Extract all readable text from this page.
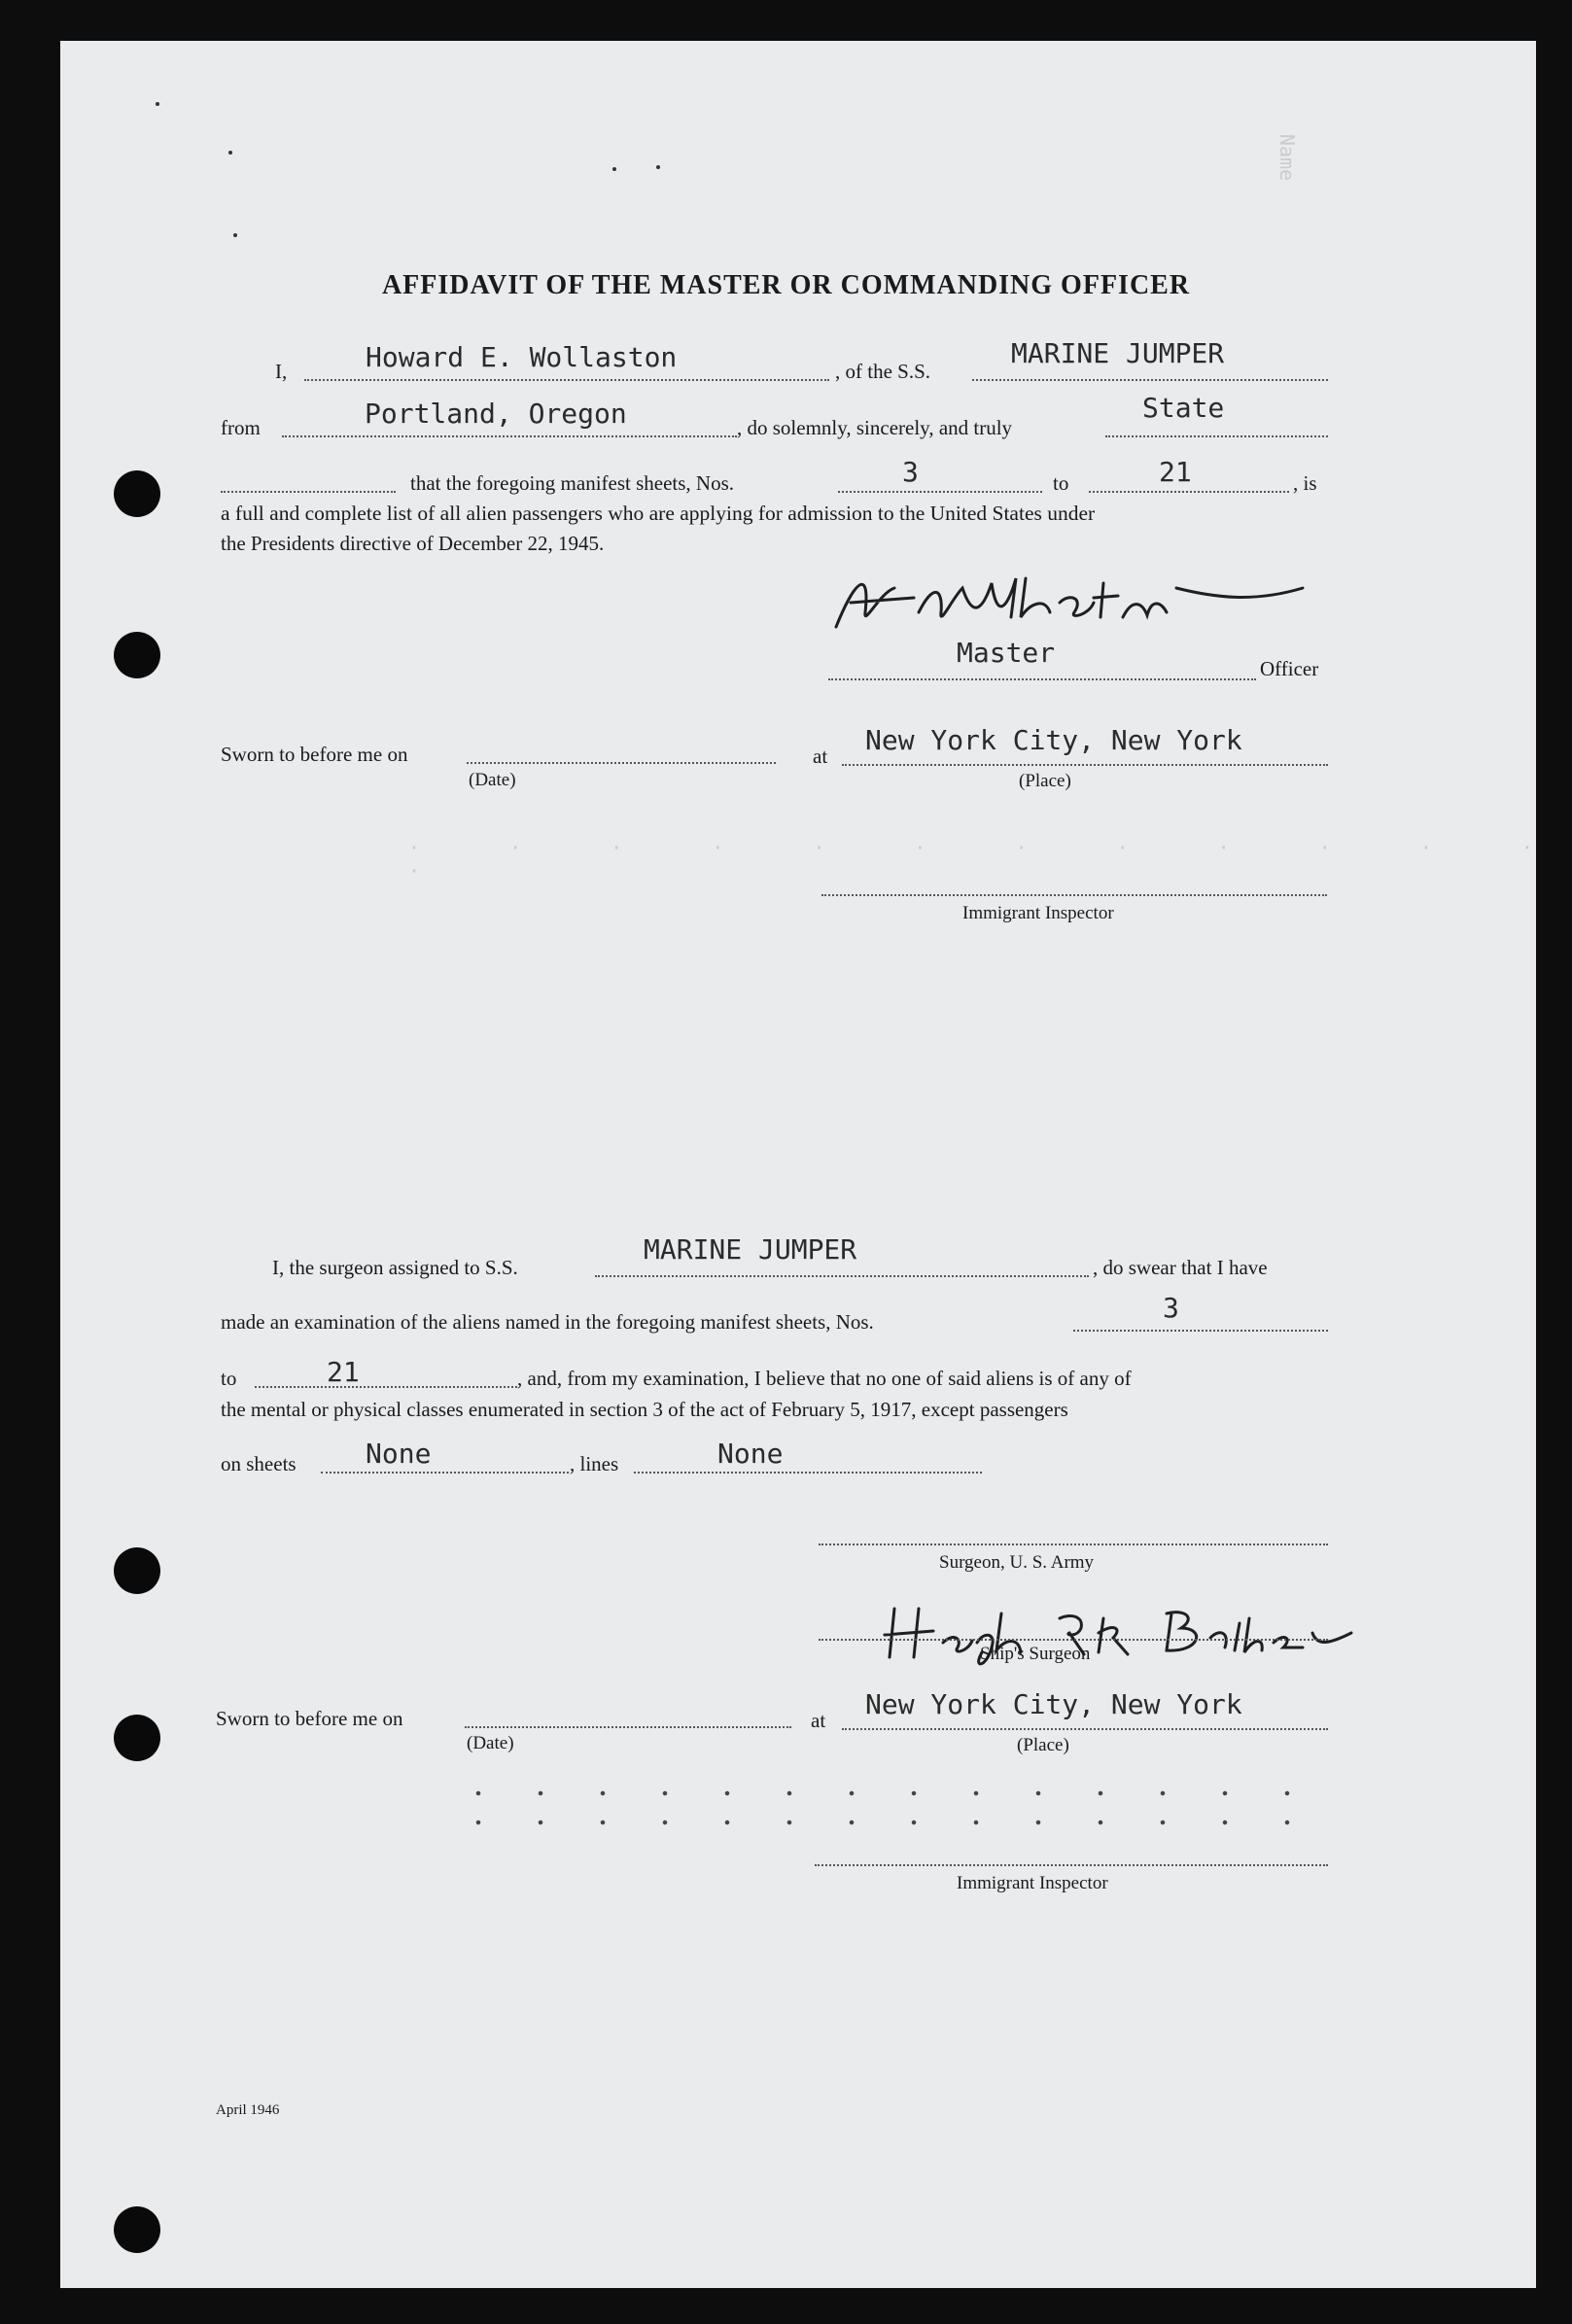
Name
· · · · · · · · · · · · ·
AFFIDAVIT OF THE MASTER OR COMMANDING OFFICER
I,	Howard E. Wollaston	, of the S.S.
MARINE JUMPER
from	Portland, Oregon	, do solemnly, sincerely, and truly
State
that the foregoing manifest sheets, Nos.	3	to	21	, is
a full and complete list of all alien passengers who are applying for admission to the United States under
the Presidents directive of December 22, 1945.
Master	Officer
Sworn to before me on
(Date)
at New York City, New York
(Place)
Immigrant Inspector
I, the surgeon assigned to S.S.
MARINE JUMPER
, do swear that I have
made an examination of the aliens named in the foregoing manifest sheets, Nos.	3
to	21	, and, from my examination, I believe that no one of said aliens is of any of
the mental or physical classes enumerated in section 3 of the act of February 5, 1917, except passengers
on sheets	None	, lines	None
Surgeon, U. S. Army
Ship's Surgeon
Sworn to before me on
(Date)
at New York City, New York
(Place)
Immigrant Inspector
April 1946
